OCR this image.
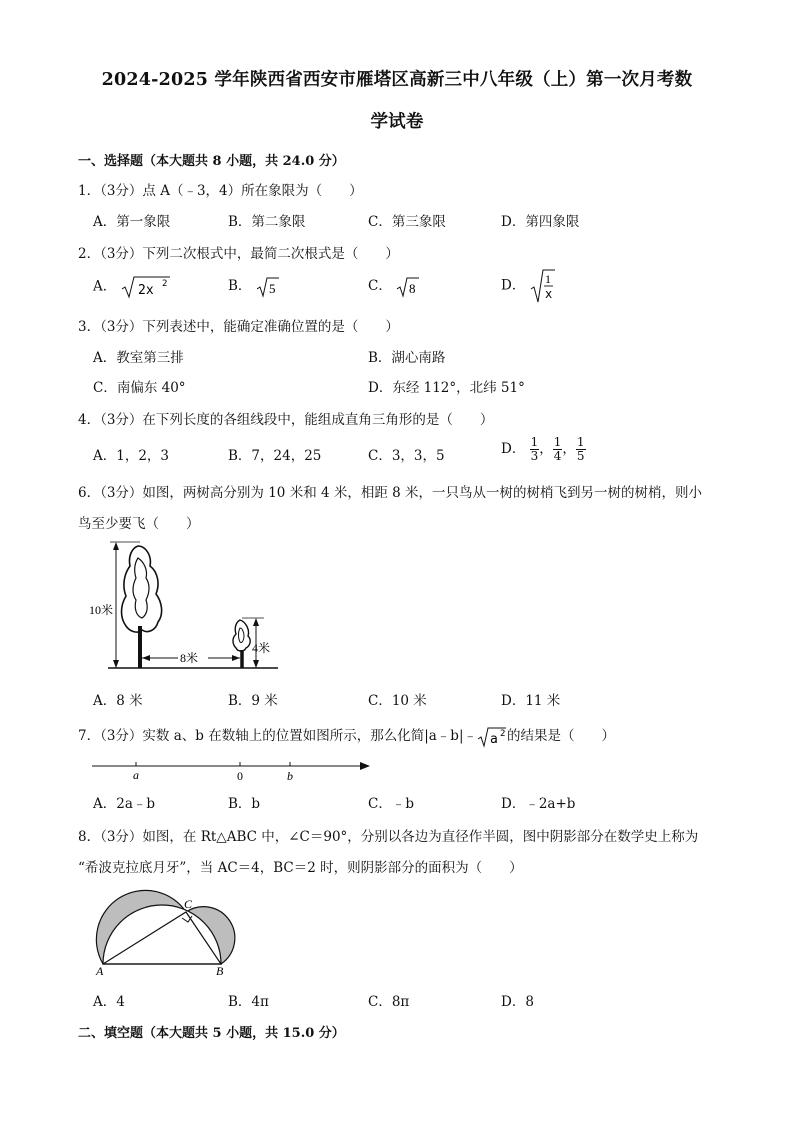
2024-2025 学年陕西省西安市雁塔区高新三中八年级（上）第一次月考数
学试卷
一、选择题（本大题共 8 小题，共 24.0 分）
1．（3分）点 A（﹣3，4）所在象限为（　　）
A．第一象限	B．第二象限	C．第三象限	D．第四象限
2．（3分）下列二次根式中，最简二次根式是（　　）
A． 2x 2	B． 5	C． 8	D． 1
x
3．（3分）下列表述中，能确定准确位置的是（　　）
A．教室第三排	B．湖心南路
C．南偏东 40°	D．东经 112°，北纬 51°
4．（3分）在下列长度的各组线段中，能组成直角三角形的是（　　）
A．1，2，3	B．7，24，25	C．3，3，5	D． $\frac{1}{3}$ ， $\frac{1}{4}$ ， $\frac{1}{5}$
6．（3分）如图，两树高分别为 10 米和 4 米，相距 8 米，一只鸟从一树的树梢飞到另一树的树梢，则小
鸟至少要飞（　　）
10米
4米
8米
A．8 米	B．9 米	C．10 米	D．11 米
7．（3分）实数 a、b 在数轴上的位置如图所示，那么化简|a﹣b|﹣ a 2 的结果是（　　）
a	0	b
A．2a﹣b	B．b	C．﹣b	D．﹣2a+b
8．（3分）如图，在 Rt△ABC 中，∠C＝90°，分别以各边为直径作半圆，图中阴影部分在数学史上称为
“希波克拉底月牙”，当 AC＝4，BC＝2 时，则阴影部分的面积为（　　）
A	B
C
A．4	B．4π	C．8π	D．8
二、填空题（本大题共 5 小题，共 15.0 分）
